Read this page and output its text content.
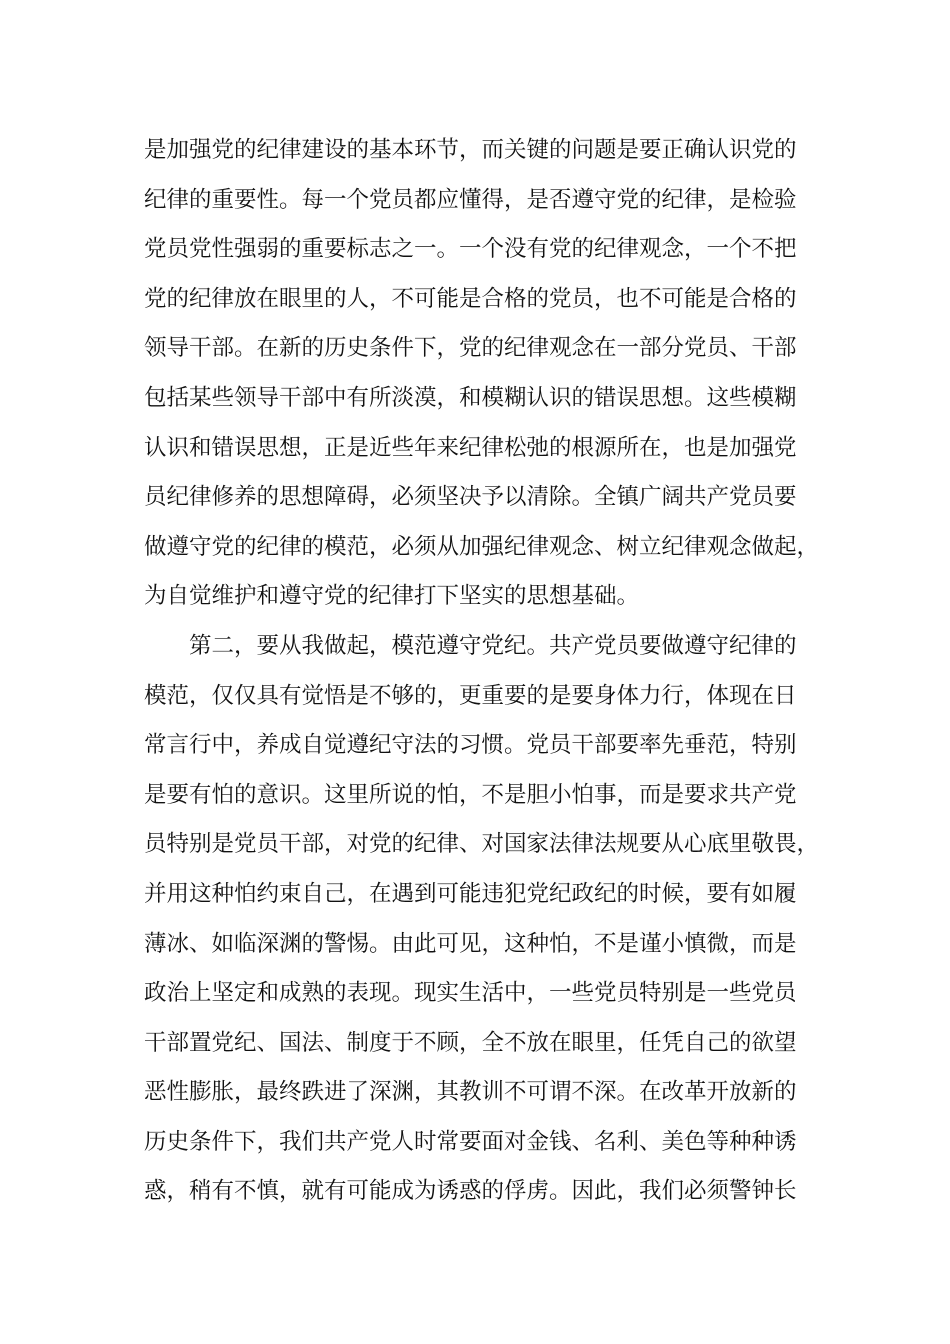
是加强党的纪律建设的基本环节，而关键的问题是要正确认识党的
纪律的重要性。每一个党员都应懂得，是否遵守党的纪律，是检验
党员党性强弱的重要标志之一。一个没有党的纪律观念，一个不把
党的纪律放在眼里的人，不可能是合格的党员，也不可能是合格的
领导干部。在新的历史条件下，党的纪律观念在一部分党员、干部
包括某些领导干部中有所淡漠，和模糊认识的错误思想。这些模糊
认识和错误思想，正是近些年来纪律松弛的根源所在，也是加强党
员纪律修养的思想障碍，必须坚决予以清除。全镇广阔共产党员要
做遵守党的纪律的模范，必须从加强纪律观念、树立纪律观念做起，
为自觉维护和遵守党的纪律打下坚实的思想基础。
第二，要从我做起，模范遵守党纪。共产党员要做遵守纪律的
模范，仅仅具有觉悟是不够的，更重要的是要身体力行，体现在日
常言行中，养成自觉遵纪守法的习惯。党员干部要率先垂范，特别
是要有怕的意识。这里所说的怕，不是胆小怕事，而是要求共产党
员特别是党员干部，对党的纪律、对国家法律法规要从心底里敬畏，
并用这种怕约束自己，在遇到可能违犯党纪政纪的时候，要有如履
薄冰、如临深渊的警惕。由此可见，这种怕，不是谨小慎微，而是
政治上坚定和成熟的表现。现实生活中，一些党员特别是一些党员
干部置党纪、国法、制度于不顾，全不放在眼里，任凭自己的欲望
恶性膨胀，最终跌进了深渊，其教训不可谓不深。在改革开放新的
历史条件下，我们共产党人时常要面对金钱、名利、美色等种种诱
惑，稍有不慎，就有可能成为诱惑的俘虏。因此，我们必须警钟长
